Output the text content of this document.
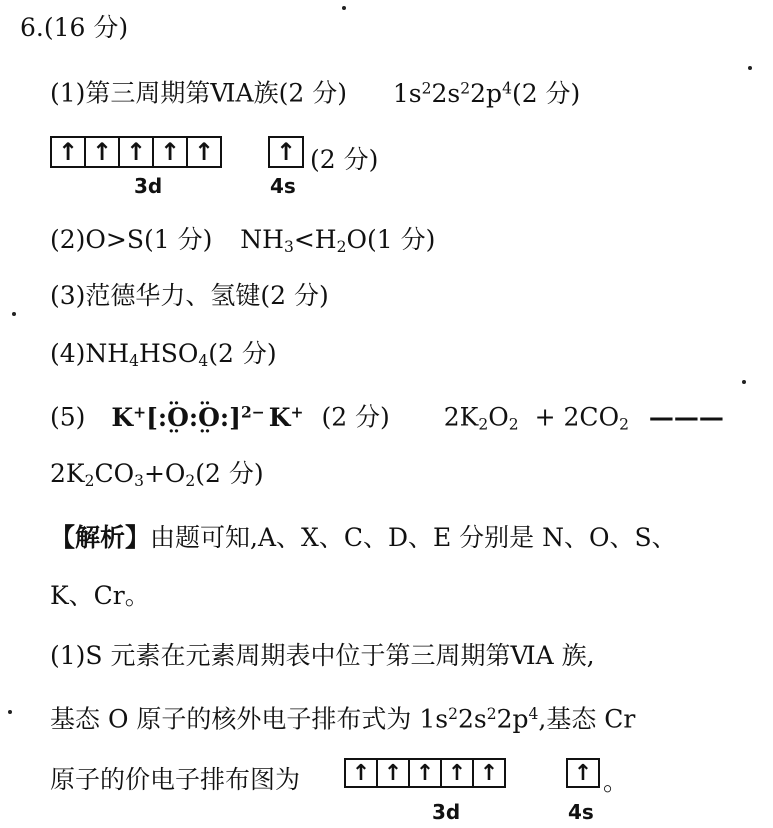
6.(16 分)
(1)第三周期第ⅥA族(2 分) $1s^22s^22p^4(2$ 分)
↑ ↑ ↑ ↑ ↑	↑ (2 分)
3d	4s
(2)O>S(1 分) $NH_3<H_2O(1$ 分)
(3)范德华力、氢键(2 分)
$(4)NH_4HSO_4(2$ 分)
(5) K+[:·· O ··:·· O ··:]$^{2-}$ K+ (2 分) $2K_2O_2 + 2CO_2$ ———
$2K_2CO_3+O_2(2$ 分)
【解析】由题可知,A、X、C、D、E 分别是 N、O、S、
K、Cr。
(1)S 元素在元素周期表中位于第三周期第ⅥA 族,
基态 O 原子的核外电子排布式为 $1s^22s^22p^4$,基态 Cr
原子的价电子排布图为	↑ ↑ ↑ ↑ ↑	↑ 。
3d	4s
